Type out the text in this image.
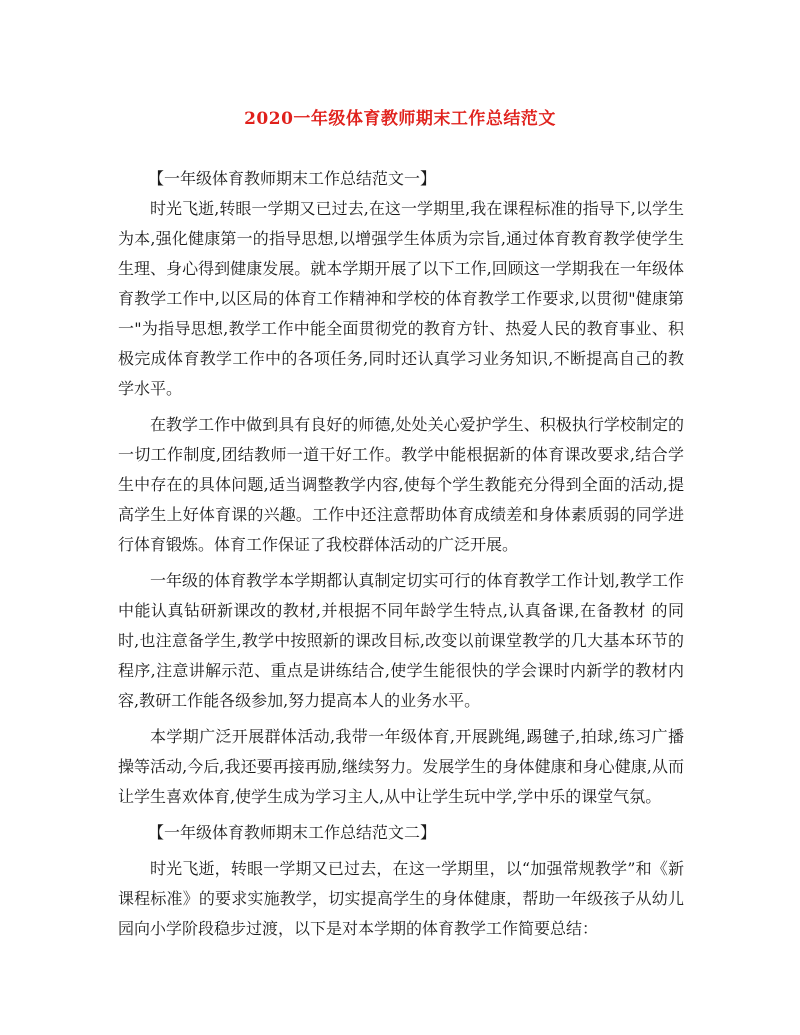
2020一年级体育教师期末工作总结范文

【一年级体育教师期末工作总结范文一】

时光飞逝,转眼一学期又已过去,在这一学期里,我在课程标准的指导下,以学生为本,强化健康第一的指导思想,以增强学生体质为宗旨,通过体育教育教学使学生生理、身心得到健康发展。就本学期开展了以下工作,回顾这一学期我在一年级体育教学工作中,以区局的体育工作精神和学校的体育教学工作要求,以贯彻"健康第一"为指导思想,教学工作中能全面贯彻党的教育方针、热爱人民的教育事业、积极完成体育教学工作中的各项任务,同时还认真学习业务知识,不断提高自己的教学水平。

在教学工作中做到具有良好的师德,处处关心爱护学生、积极执行学校制定的一切工作制度,团结教师一道干好工作。教学中能根据新的体育课改要求,结合学生中存在的具体问题,适当调整教学内容,使每个学生教能充分得到全面的活动,提高学生上好体育课的兴趣。工作中还注意帮助体育成绩差和身体素质弱的同学进行体育锻炼。体育工作保证了我校群体活动的广泛开展。

一年级的体育教学本学期都认真制定切实可行的体育教学工作计划,教学工作中能认真钻研新课改的教材,并根据不同年龄学生特点,认真备课,在备教材 的同时,也注意备学生,教学中按照新的课改目标,改变以前课堂教学的几大基本环节的程序,注意讲解示范、重点是讲练结合,使学生能很快的学会课时内新学的教材内容,教研工作能各级参加,努力提高本人的业务水平。

本学期广泛开展群体活动,我带一年级体育,开展跳绳,踢毽子,拍球,练习广播操等活动,今后,我还要再接再励,继续努力。发展学生的身体健康和身心健康,从而让学生喜欢体育,使学生成为学习主人,从中让学生玩中学,学中乐的课堂气氛。

【一年级体育教师期末工作总结范文二】

时光飞逝，转眼一学期又已过去，在这一学期里，以“加强常规教学”和《新课程标准》的要求实施教学，切实提高学生的身体健康，帮助一年级孩子从幼儿园向小学阶段稳步过渡，以下是对本学期的体育教学工作简要总结：
